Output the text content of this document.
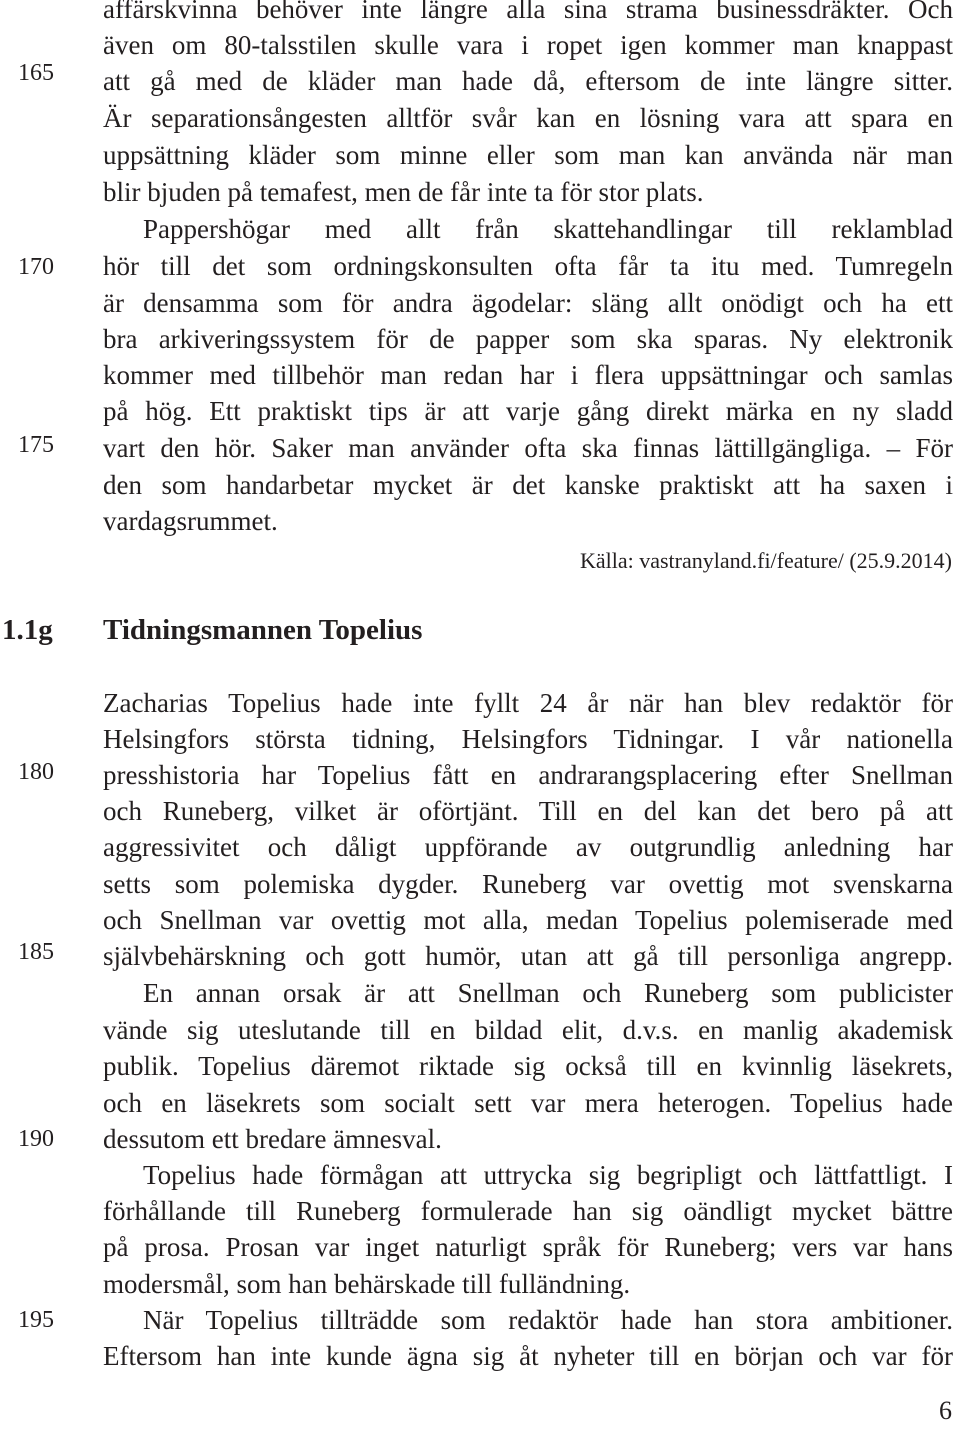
165
170
175
180
185
190
195
affärskvinna behöver inte längre alla sina strama businessdräkter. Och
även om 80-talsstilen skulle vara i ropet igen kommer man knappast
att gå med de kläder man hade då, eftersom de inte längre sitter.
Är separationsångesten alltför svår kan en lösning vara att spara en
uppsättning kläder som minne eller som man kan använda när man
blir bjuden på temafest, men de får inte ta för stor plats.
Pappershögar med allt från skattehandlingar till reklamblad
hör till det som ordningskonsulten ofta får ta itu med. Tumregeln
är densamma som för andra ägodelar: släng allt onödigt och ha ett
bra arkiveringssystem för de papper som ska sparas. Ny elektronik
kommer med tillbehör man redan har i flera uppsättningar och samlas
på hög. Ett praktiskt tips är att varje gång direkt märka en ny sladd
vart den hör. Saker man använder ofta ska finnas lättillgängliga. – För
den som handarbetar mycket är det kanske praktiskt att ha saxen i
vardagsrummet.
Källa: vastranyland.fi/feature/ (25.9.2014)
1.1g Tidningsmannen Topelius
Zacharias Topelius hade inte fyllt 24 år när han blev redaktör för
Helsingfors största tidning, Helsingfors Tidningar. I vår nationella
presshistoria har Topelius fått en andrarangsplacering efter Snellman
och Runeberg, vilket är oförtjänt. Till en del kan det bero på att
aggressivitet och dåligt uppförande av outgrundlig anledning har
setts som polemiska dygder. Runeberg var ovettig mot svenskarna
och Snellman var ovettig mot alla, medan Topelius polemiserade med
självbehärskning och gott humör, utan att gå till personliga angrepp.
En annan orsak är att Snellman och Runeberg som publicister
vände sig uteslutande till en bildad elit, d.v.s. en manlig akademisk
publik. Topelius däremot riktade sig också till en kvinnlig läsekrets,
och en läsekrets som socialt sett var mera heterogen. Topelius hade
dessutom ett bredare ämnesval.
Topelius hade förmågan att uttrycka sig begripligt och lättfattligt. I
förhållande till Runeberg formulerade han sig oändligt mycket bättre
på prosa. Prosan var inget naturligt språk för Runeberg; vers var hans
modersmål, som han behärskade till fulländning.
När Topelius tillträdde som redaktör hade han stora ambitioner.
Eftersom han inte kunde ägna sig åt nyheter till en början och var för
6
